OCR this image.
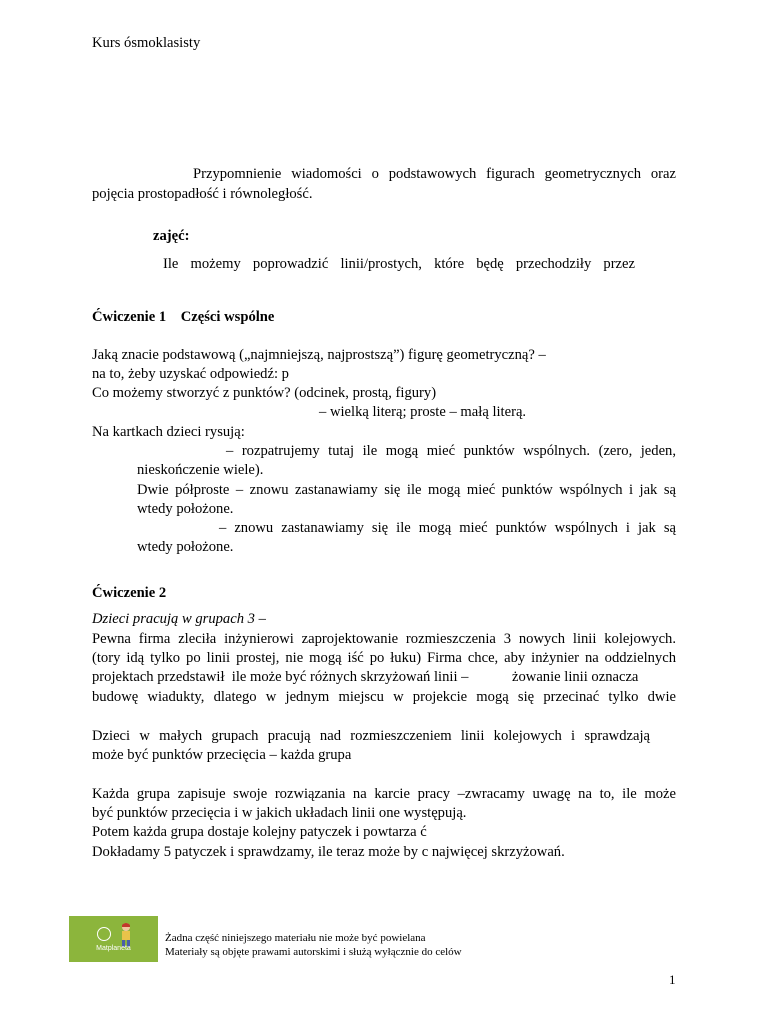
Kurs ósmoklasisty
Przypomnienie wiadomości o podstawowych figurach geometrycznych oraz
pojęcia prostopadłość i równoległość.
zajęć:
Ile możemy poprowadzić linii/prostych, które będę przechodziły przez
Ćwiczenie 1    Części wspólne
Jaką znacie podstawową („najmniejszą, najprostszą”) figurę geometryczną? –
na to, żeby uzyskać odpowiedź: p
Co możemy stworzyć z punktów? (odcinek, prostą, figury)
– wielką literą; proste – małą literą.
Na kartkach dzieci rysują:
– rozpatrujemy tutaj ile mogą mieć punktów wspólnych. (zero, jeden,
nieskończenie wiele).
Dwie półproste – znowu zastanawiamy się ile mogą mieć punktów wspólnych i jak są
wtedy położone.
– znowu zastanawiamy się ile mogą mieć punktów wspólnych i jak są
wtedy położone.
Ćwiczenie 2
Dzieci pracują w grupach 3 –
Pewna firma zleciła inżynierowi zaprojektowanie rozmieszczenia 3 nowych linii kolejowych.
(tory idą tylko po linii prostej, nie mogą iść po łuku) Firma chce, aby inżynier na oddzielnych
projektach przedstawił  ile może być różnych skrzyżowań linii –	żowanie linii oznacza
budowę wiadukty, dlatego w jednym miejscu w projekcie mogą się przecinać tylko dwie
Dzieci w małych grupach pracują nad rozmieszczeniem linii kolejowych i sprawdzają
może być punktów przecięcia – każda grupa
Każda grupa zapisuje swoje rozwiązania na karcie pracy –zwracamy uwagę na to, ile może
być punktów przecięcia i w jakich układach linii one występują.
Potem każda grupa dostaje kolejny patyczek i powtarza ć
Dokładamy 5 patyczek i sprawdzamy, ile teraz może by c najwięcej skrzyżowań.
Matplaneta
Żadna część niniejszego materiału nie może być powielana
Materiały są objęte prawami autorskimi i służą wyłącznie do celów
1
